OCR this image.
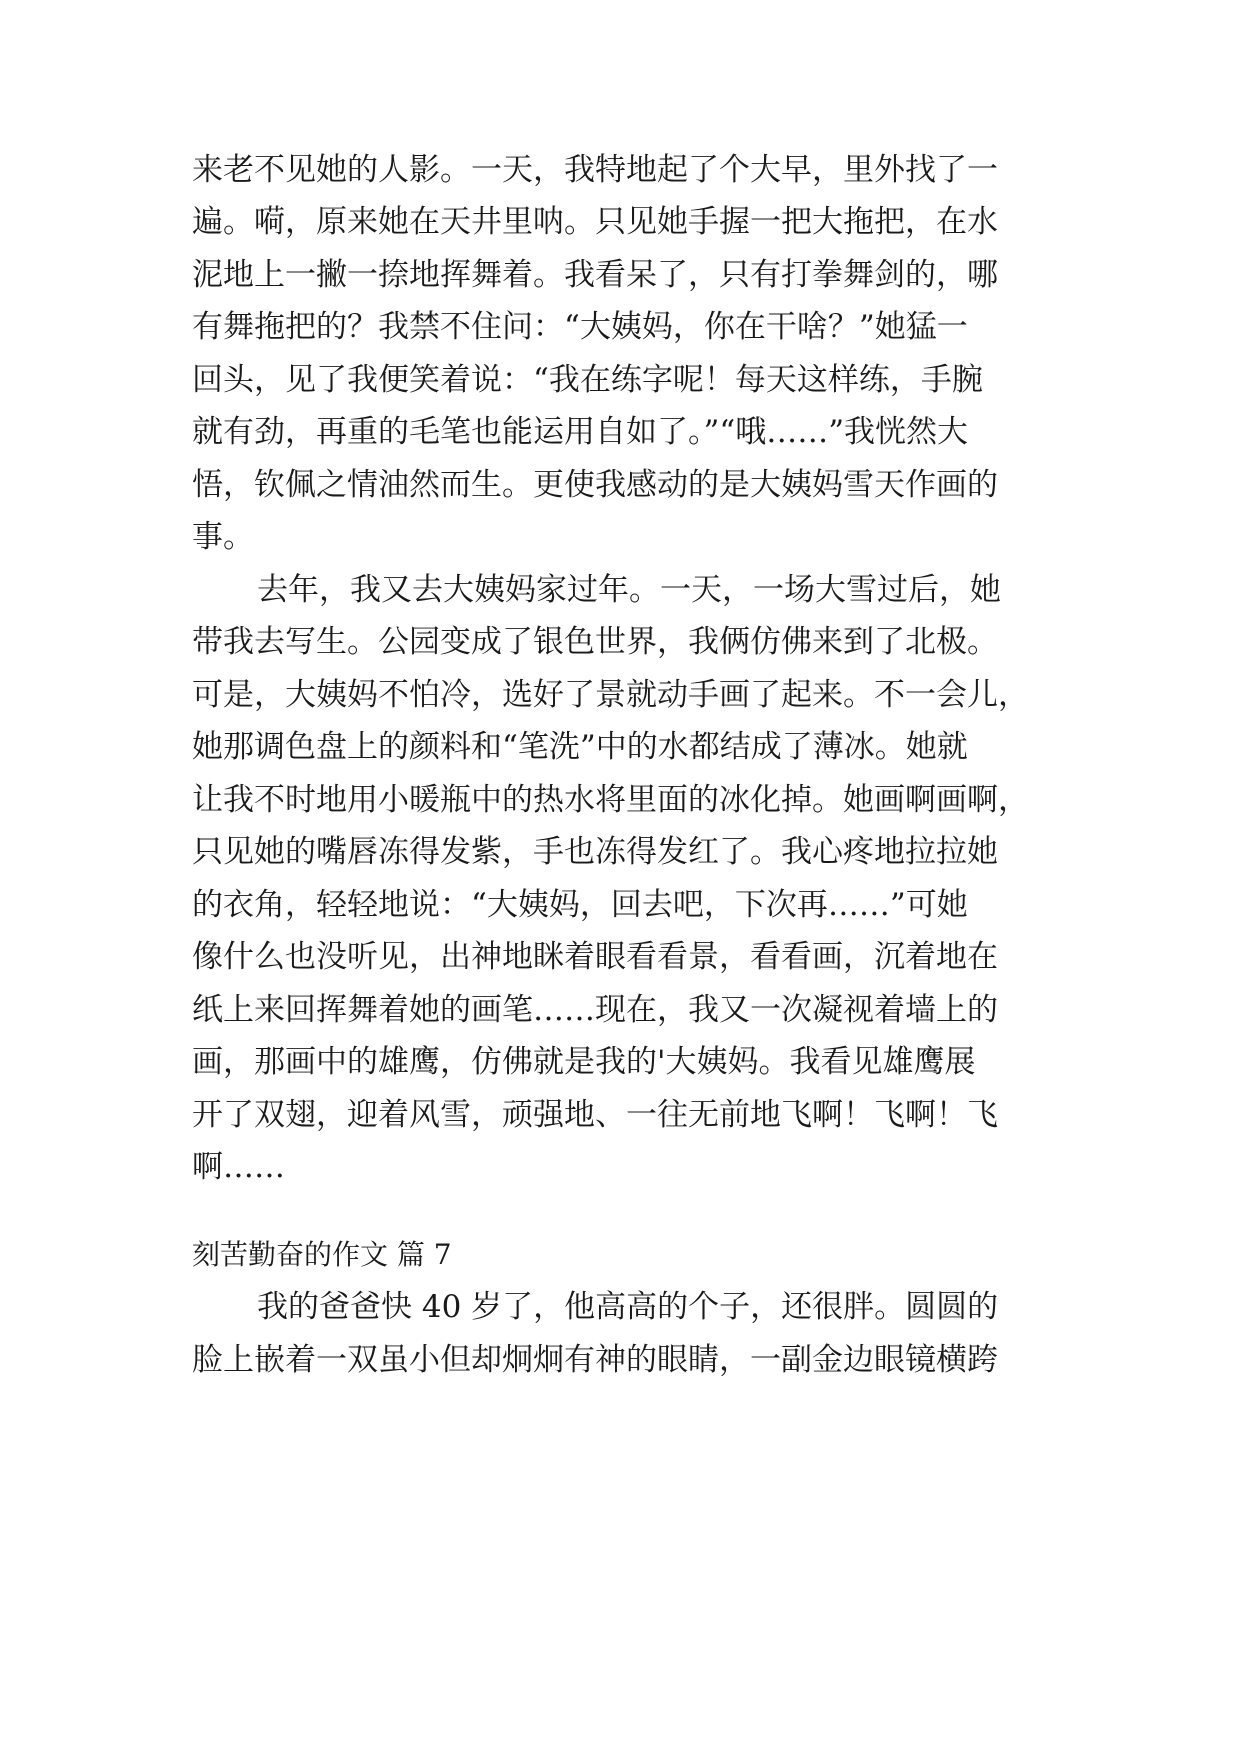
来老不见她的人影。一天，我特地起了个大早，里外找了一
遍。嗬，原来她在天井里呐。只见她手握一把大拖把，在水
泥地上一撇一捺地挥舞着。我看呆了，只有打拳舞剑的，哪
有舞拖把的？我禁不住问：“大姨妈，你在干啥？”她猛一
回头，见了我便笑着说：“我在练字呢！每天这样练，手腕
就有劲，再重的毛笔也能运用自如了。”“哦……”我恍然大
悟，钦佩之情油然而生。更使我感动的是大姨妈雪天作画的
事。
去年，我又去大姨妈家过年。一天，一场大雪过后，她
带我去写生。公园变成了银色世界，我俩仿佛来到了北极。
可是，大姨妈不怕冷，选好了景就动手画了起来。不一会儿，
她那调色盘上的颜料和“笔洗”中的水都结成了薄冰。她就
让我不时地用小暖瓶中的热水将里面的冰化掉。她画啊画啊，
只见她的嘴唇冻得发紫，手也冻得发红了。我心疼地拉拉她
的衣角，轻轻地说：“大姨妈，回去吧，下次再……”可她
像什么也没听见，出神地眯着眼看看景，看看画，沉着地在
纸上来回挥舞着她的画笔……现在，我又一次凝视着墙上的
画，那画中的雄鹰，仿佛就是我的'大姨妈。我看见雄鹰展
开了双翅，迎着风雪，顽强地、一往无前地飞啊！飞啊！飞
啊……
刻苦勤奋的作文 篇 7
我的爸爸快 40 岁了，他高高的个子，还很胖。圆圆的
脸上嵌着一双虽小但却炯炯有神的眼睛，一副金边眼镜横跨
